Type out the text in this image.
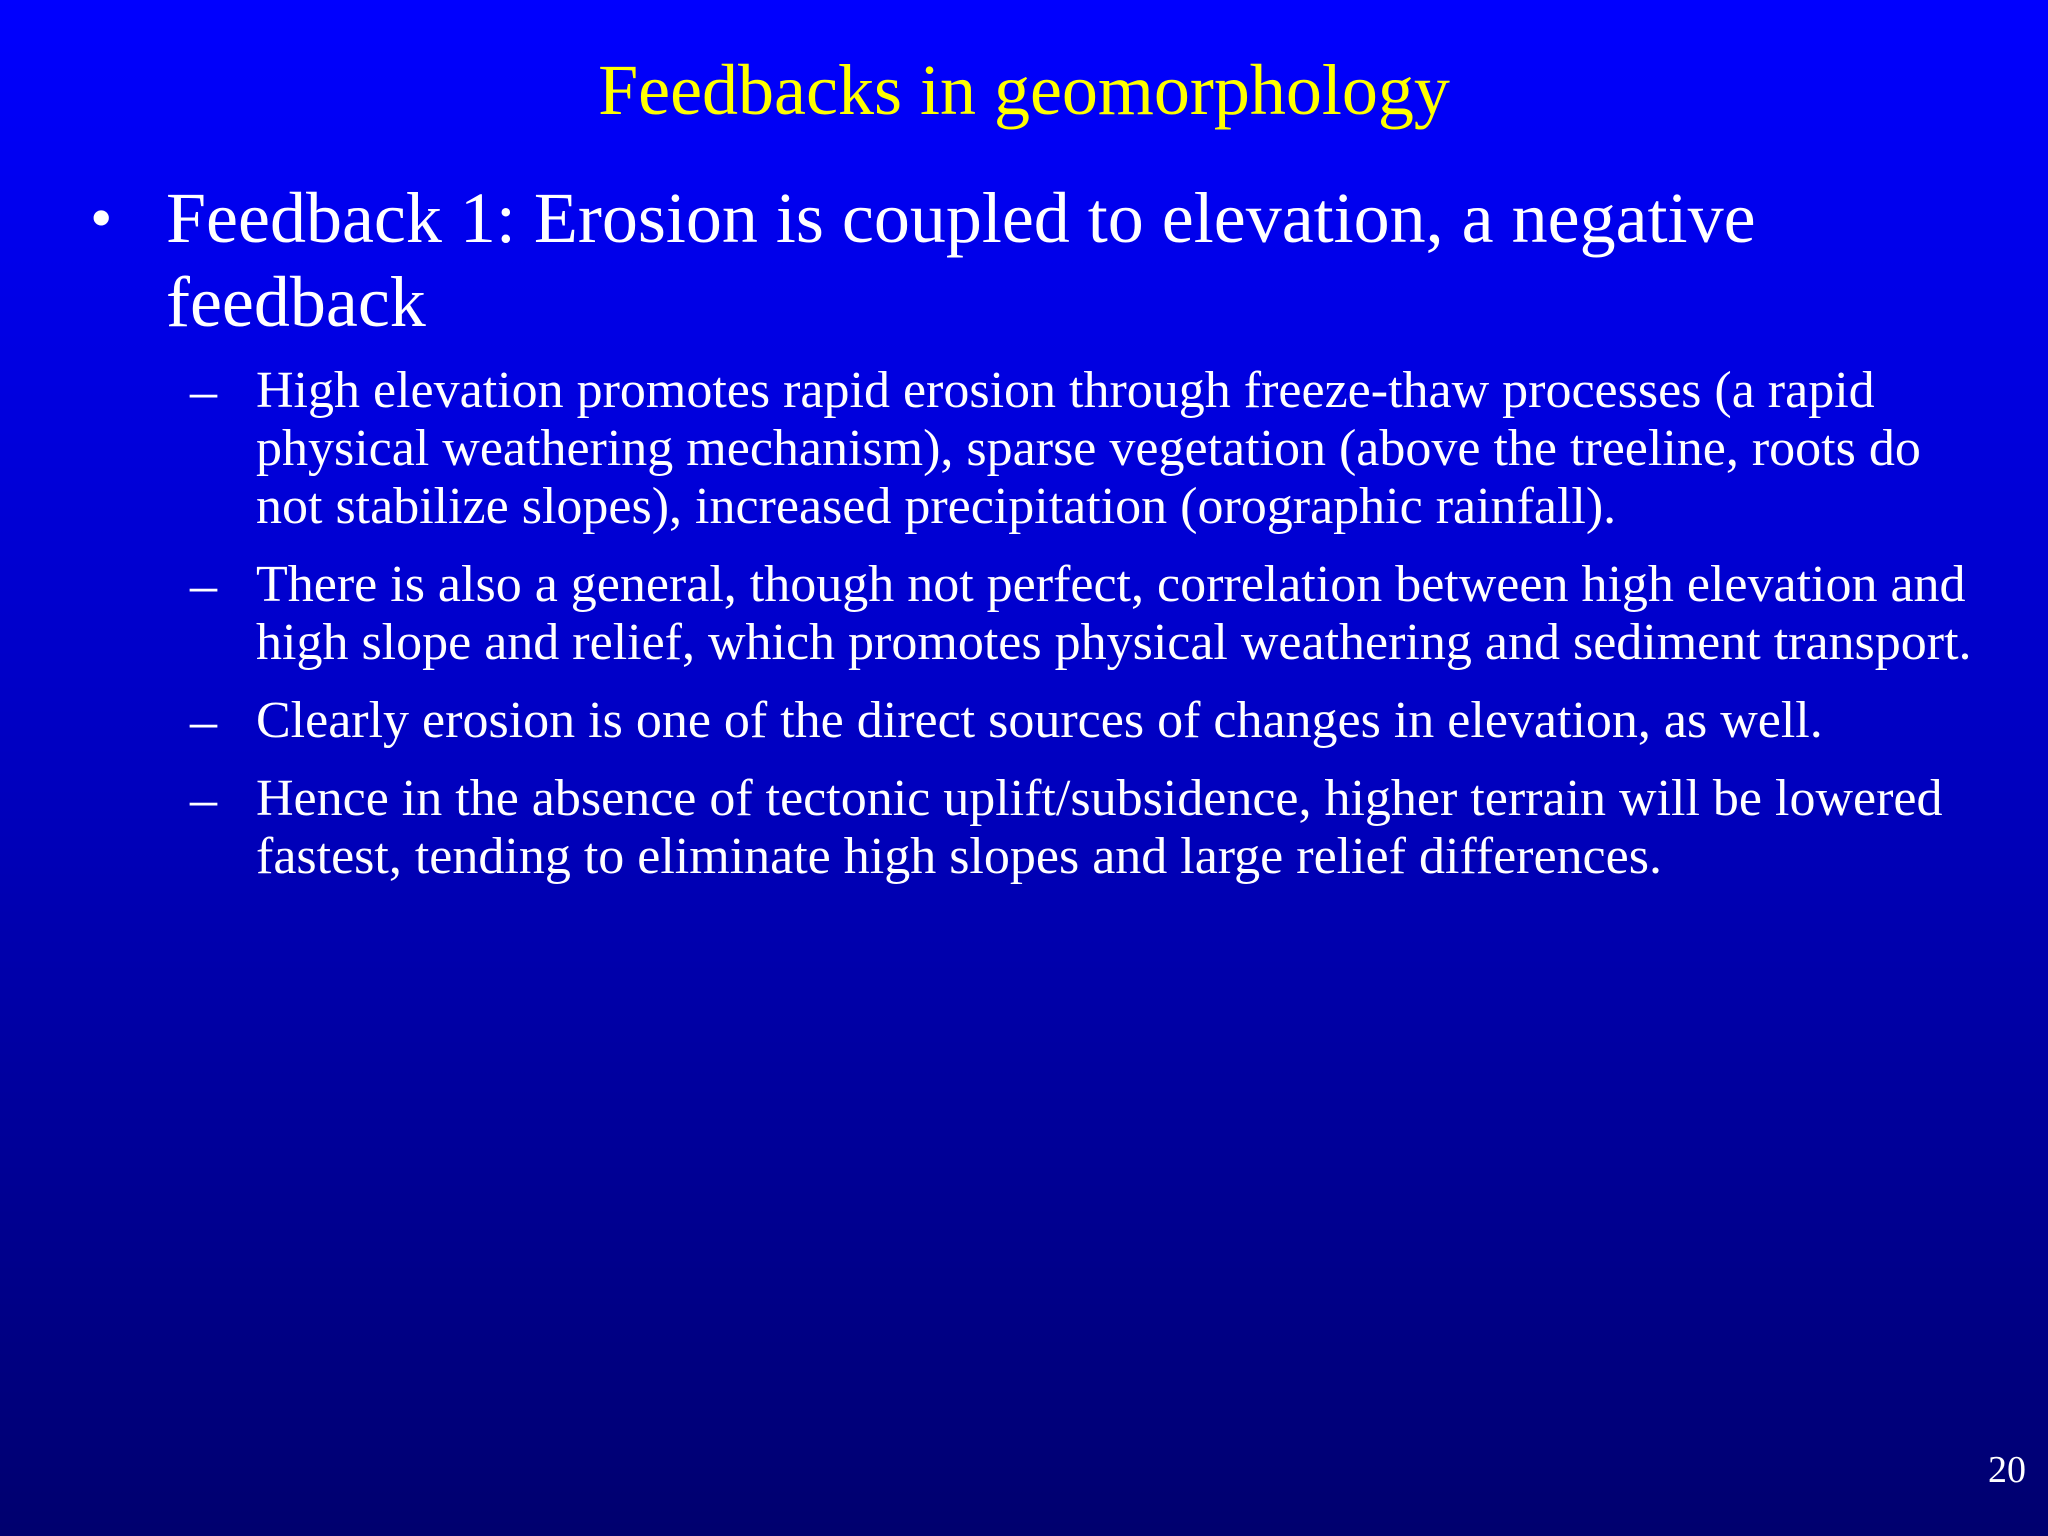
Feedbacks in geomorphology
• Feedback 1: Erosion is coupled to elevation, a negative feedback
– High elevation promotes rapid erosion through freeze-thaw processes (a rapid physical weathering mechanism), sparse vegetation (above the treeline, roots do not stabilize slopes), increased precipitation (orographic rainfall).
– There is also a general, though not perfect, correlation between high elevation and high slope and relief, which promotes physical weathering and sediment transport.
– Clearly erosion is one of the direct sources of changes in elevation, as well.
– Hence in the absence of tectonic uplift/subsidence, higher terrain will be lowered fastest, tending to eliminate high slopes and large relief differences.
20
